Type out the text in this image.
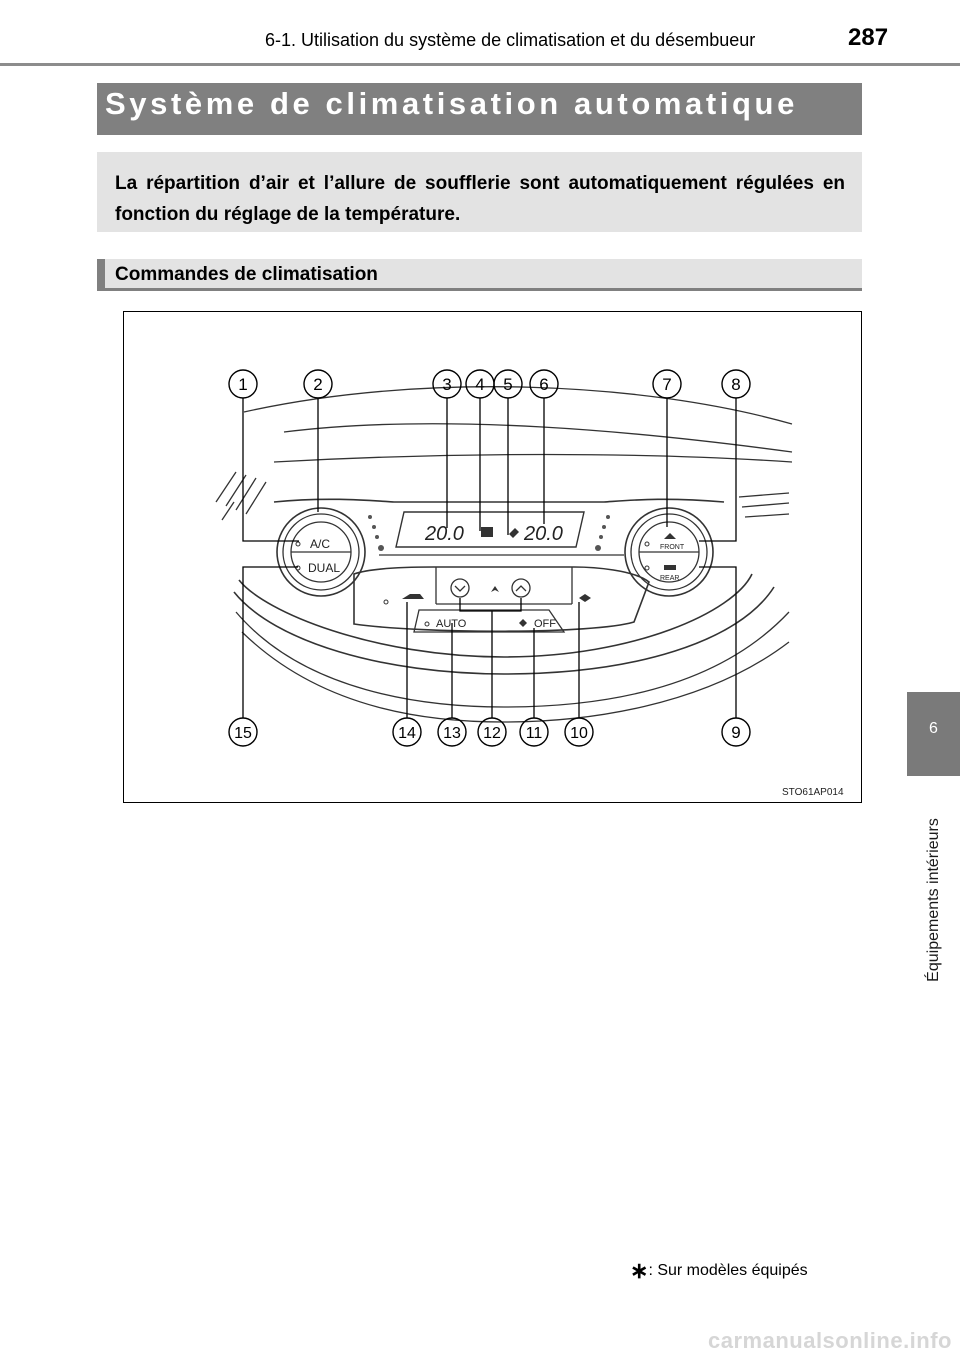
6-1. Utilisation du système de climatisation et du désembueur	287
6
Équipements intérieurs
Système de climatisation automatique	∗

La répartition d’air et l’allure de soufflerie sont automatiquement régulées en fonction du réglage de la température.

Commandes de climatisation
20.0	20.0
A/C
DUAL
AUTO	OFF
FRONT
REAR
STO61AP014
1	2	3 4 5 6	7	8
15	14 13 12 11 10	9
∗: Sur modèles équipés
carmanualsonline.info
